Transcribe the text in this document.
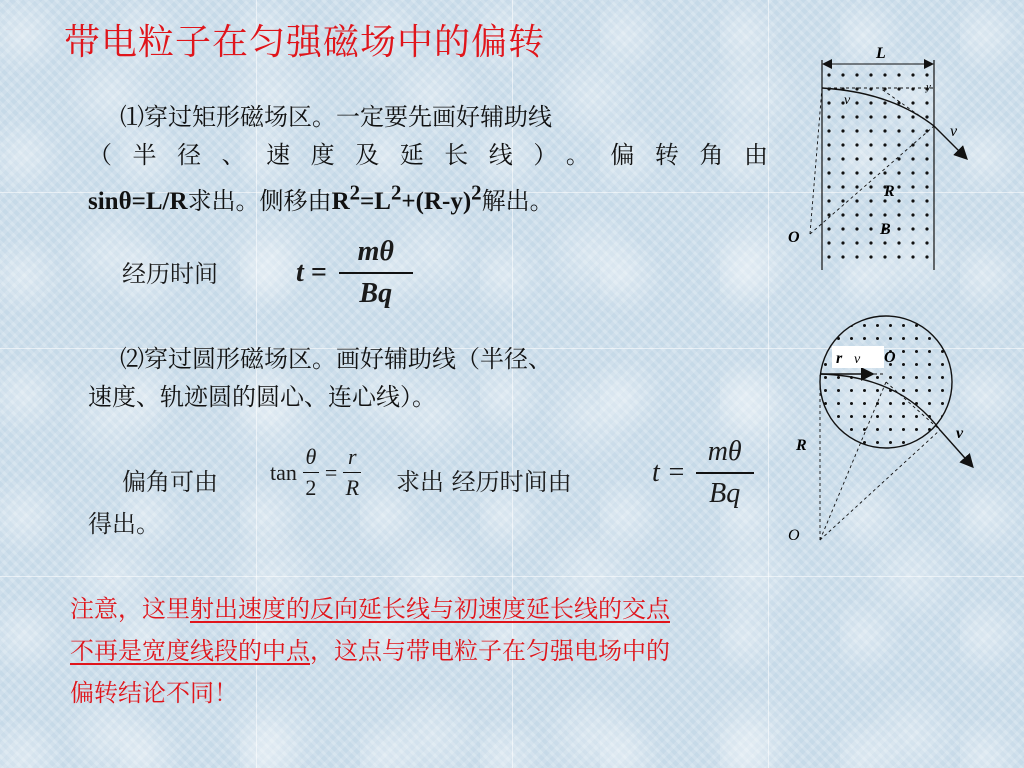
带电粒子在匀强磁场中的偏转
⑴穿过矩形磁场区。一定要先画好辅助线
（半径、速度及延长线）。偏转角由
sinθ=L/R求出。侧移由$R^2=L^2+(R-y)^2$解出。
经历时间	t =
mθ
Bq
⑵穿过圆形磁场区。画好辅助线（半径、
速度、轨迹圆的圆心、连心线）。
偏角可由 tan
θ
2
=
r
R 求出 经历时间由	t =
mθ
Bq
得出。
注意，这里射出速度的反向延长线与初速度延长线的交点
不再是宽度线段的中点，这点与带电粒子在匀强电场中的
偏转结论不同！
L
v
y
v
R
B
O
r v O
v
R
O
